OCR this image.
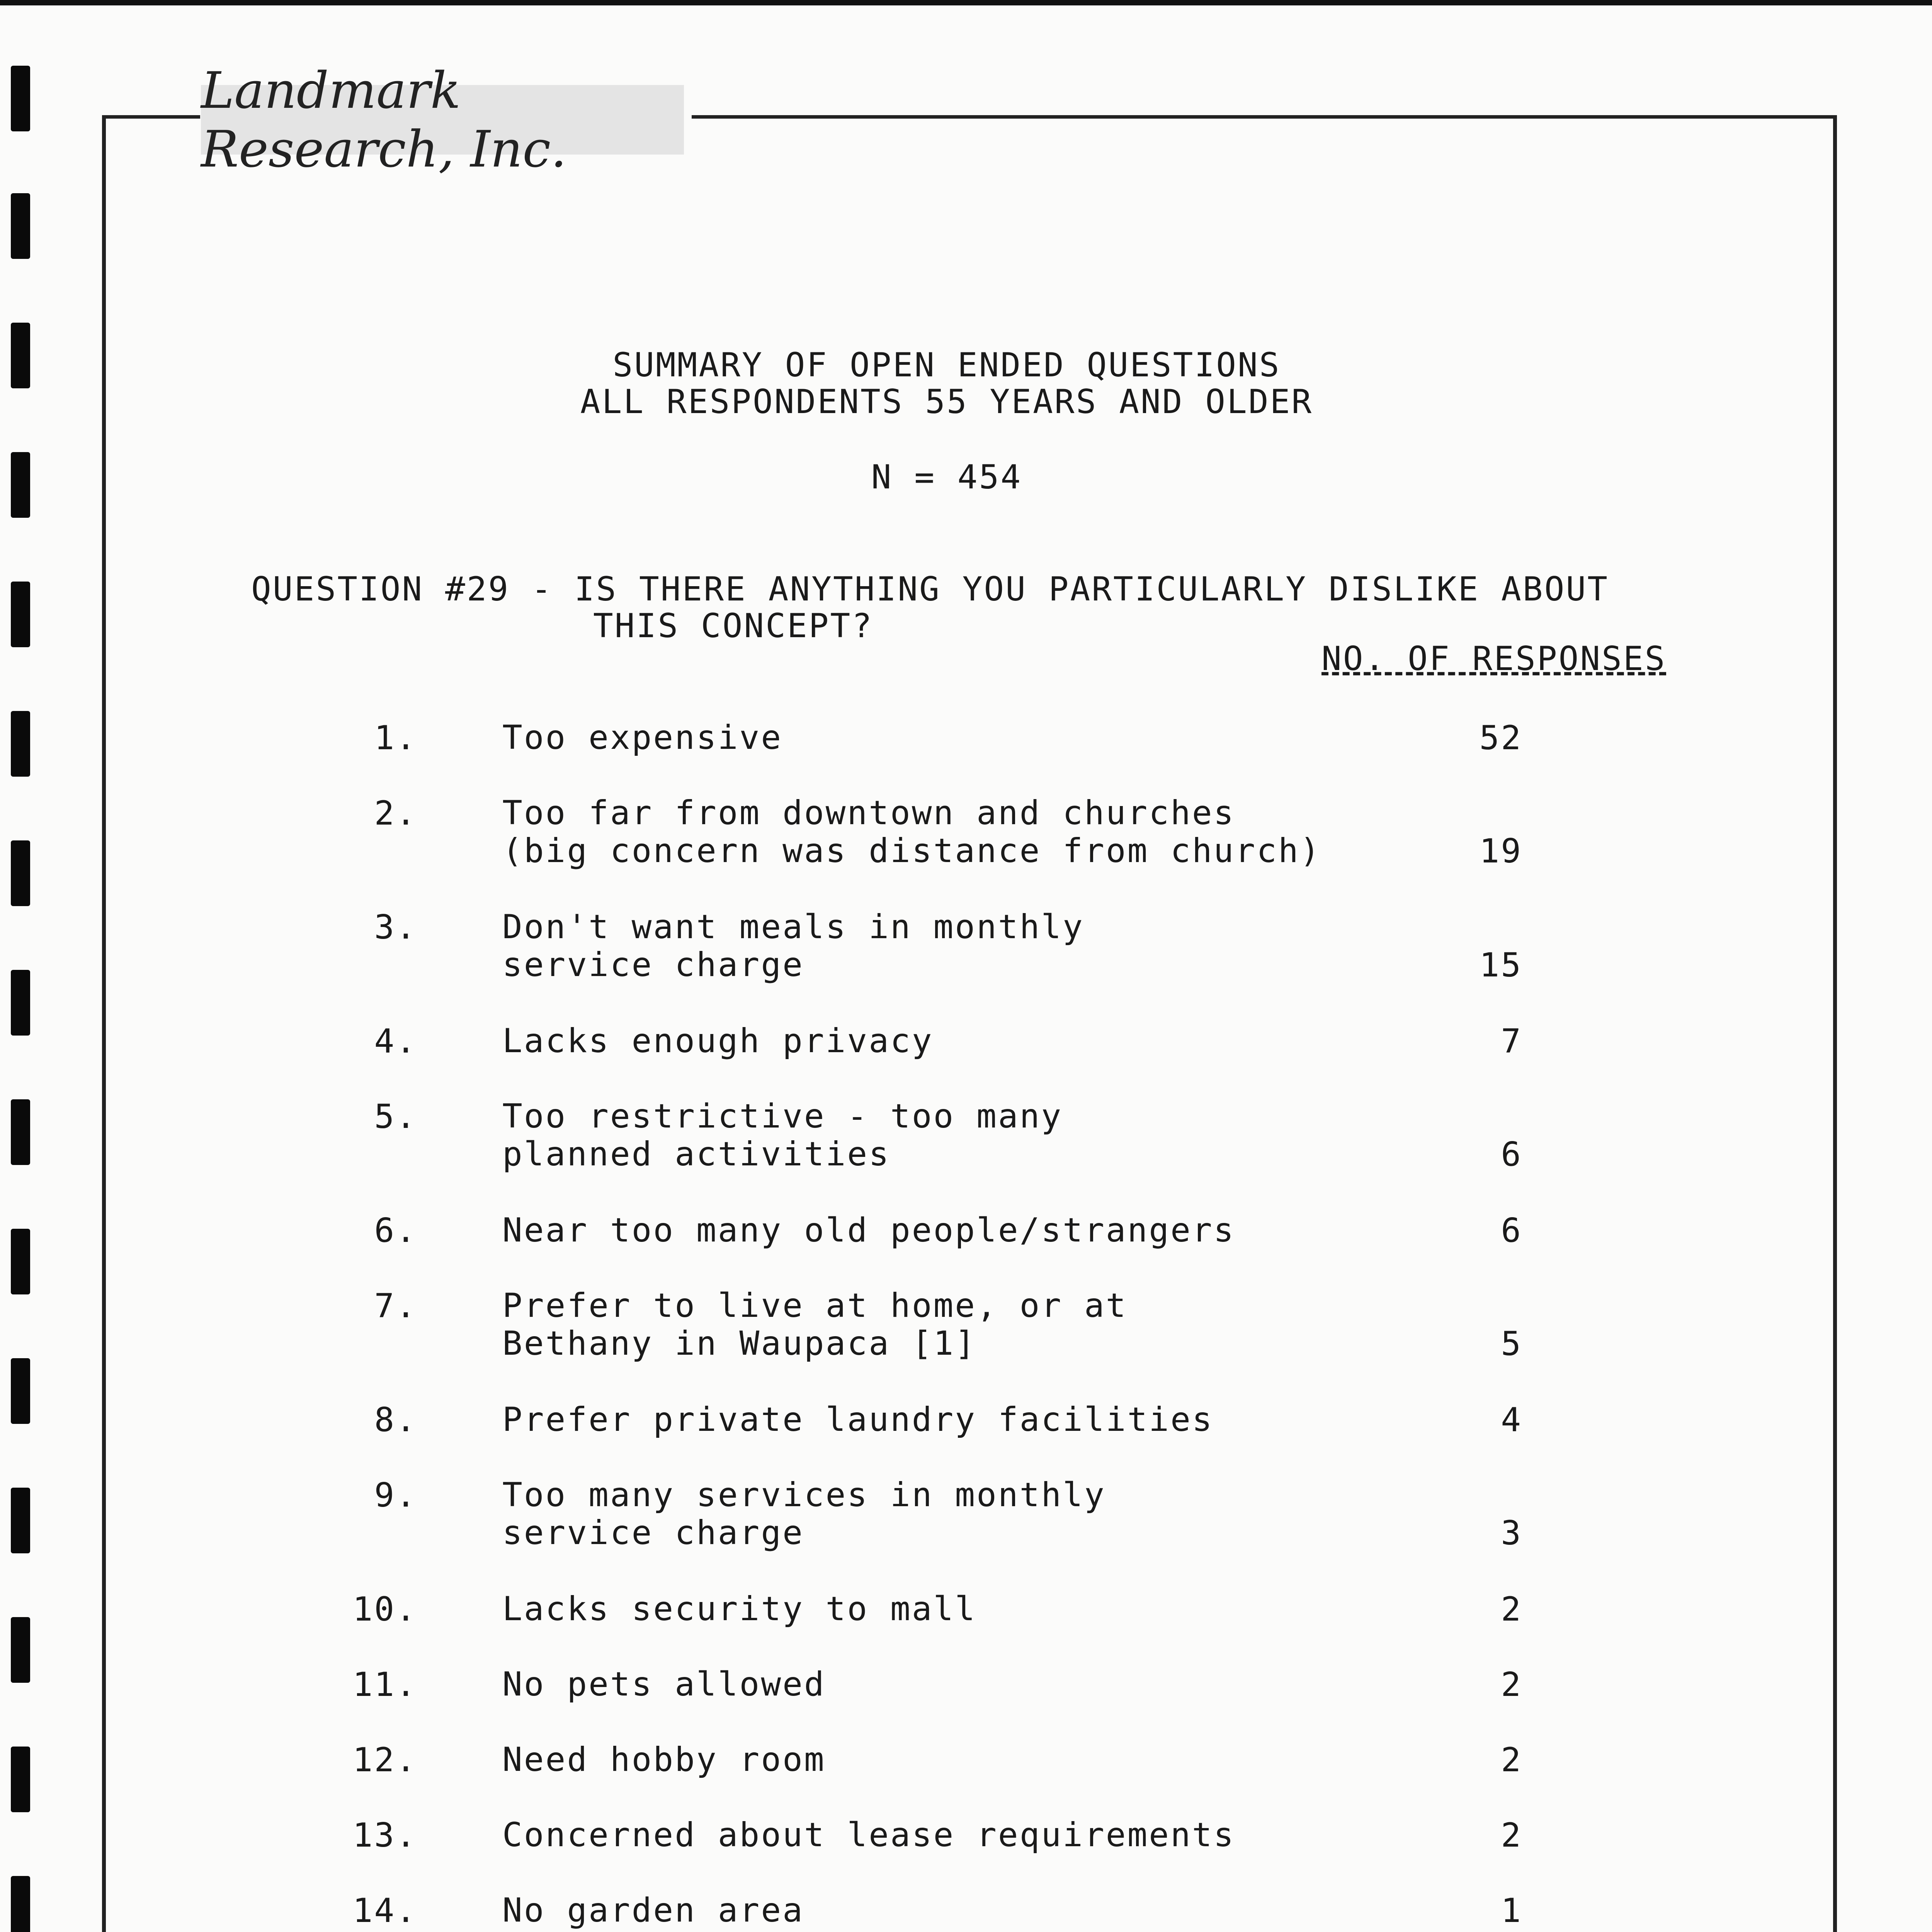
Landmark Research, Inc.
SUMMARY OF OPEN ENDED QUESTIONS
ALL RESPONDENTS 55 YEARS AND OLDER
N = 454
QUESTION #29 - IS THERE ANYTHING YOU PARTICULARLY DISLIKE ABOUT
THIS CONCEPT?
NO. OF RESPONSES
1.	Too expensive	52
2.	Too far from downtown and churches
(big concern was distance from church)	19
3.	Don't want meals in monthly
service charge	15
4.	Lacks enough privacy	7
5.	Too restrictive - too many
planned activities	6
6.	Near too many old people/strangers	6
7.	Prefer to live at home, or at
Bethany in Waupaca [1]	5
8.	Prefer private laundry facilities	4
9.	Too many services in monthly
service charge	3
10.	Lacks security to mall	2
11.	No pets allowed	2
12.	Need hobby room	2
13.	Concerned about lease requirements	2
14.	No garden area	1
